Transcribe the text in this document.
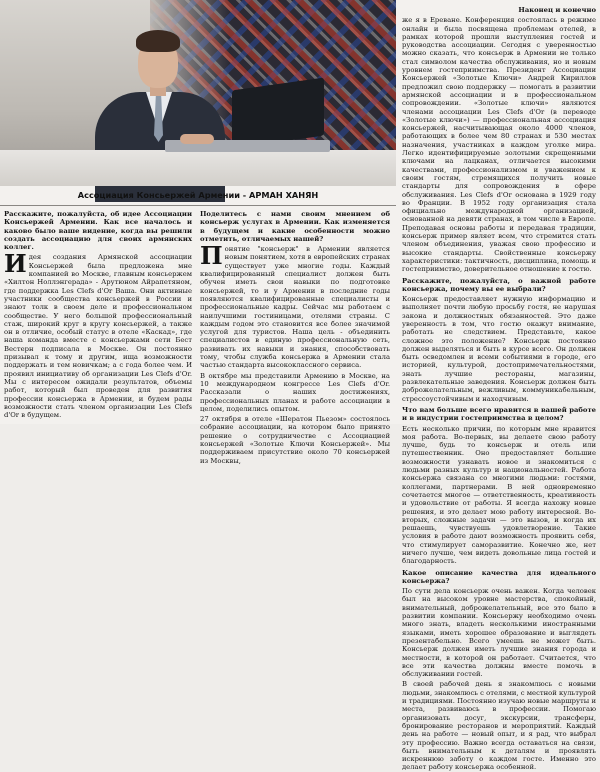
Ассоциация Консьержей Армении - АРМАН ХАНЯН

Расскажите, пожалуйста, об идее Ассоциации Консьержей Армении. Как все началось и каково было ваше видение, когда вы решили создать ассоциацию для своих армянских коллег.

Идея создания Армянской ассоциации Консьержей была предложена мне компанией во Москве, главным консьержем «Хилтон Ноллэнгерада» - Арутюном Айрапетяном, где поддержка Les Clefs d'Or Ваша. Они активные участники сообщества консьержей в России и знают толк в своем деле и профессиональном сообществе. У него большой профессиональный стаж, широкий круг в кругу консьержей, а также он в отличие, особый статус в отеле «Каскад», где наша команда вместе с консьержами сети Бест Вестерн подписала в Москве. Он постоянно призывал к тому и другим, ища возможности поддержать и тем новичкам; а с года более чем. И проявил инициативу об организации Les Clefs d'Or. Мы с интересом ожидали результатов, объемы работ, который был проведен для развития профессии консьержа в Армении, и будем рады возможности стать членом организации Les Clefs d'Or в будущем.

Поделитесь с нами своим мнением об консьерж услугах в Армении. Как изменяется в будущем и какие особенности можно отметить, отличаемых нашей?

Понятие "консьерж" в Армении является новым понятием, хотя в европейских странах существует уже многие годы. Каждый квалифицированный специалист должен быть обучен иметь свои навыки по подготовке консьержей, то и у Армении в последние годы появляются квалифицированные специалисты и профессиональные кадры. Сейчас мы работаем с наилучшими гостиницами, отелями страны. С каждым годом это становится все более значимой услугой для туристов. Наша цель - объединить специалистов в единую профессиональную сеть, развивать их навыки и знания, способствовать тому, чтобы служба консьержа в Армении стала частью стандарта высококлассного сервиса.

В октябре мы представили Армению в Москве, на 10 международном конгрессе Les Clefs d'Or. Рассказали о наших достижениях, профессиональных планах и работе ассоциации в целом, поделились опытом.

27 октября в отеле «Шератон Пьезом» состоялось собрание ассоциации, на котором было принято решение о сотрудничестве с Ассоциацией консьержей «Золотые Ключи Консьержей». Мы поддерживаем присутствие около 70 консьержей из Москвы,

Наконец и конечно

же я в Ереване. Конференция состоялась в режиме онлайн и была посвящена проблемам отелей, в рамках которой прошли выступления гостей и руководства ассоциации. Сегодня с уверенностью можно сказать, что консьерж в Армении не только стал символом качества обслуживания, но и новым уровнем гостеприимства. Президент Ассоциации Консьержей «Золотые Ключи» Андрей Кириллов предложил свою поддержку — помогать в развитии армянской ассоциации и в профессиональном сопровождении. «Золотые ключи» являются членами ассоциации Les Clefs d'Or (в переводе «Золотые ключи») — профессиональная ассоциация консьержей, насчитывающая около 4000 членов, работающих в более чем 80 странах и 530 местах назначения, участниках в каждом уголке мира. Легко идентифицируемые золотыми скрещенными ключами на лацканах, отличается высокими качествами, профессионализмом и уважением к своим гостям, стремящихся получить новые стандарты для сопровождения в сфере обслуживания. Les Clefs d'Or основана в 1929 году во Франции. В 1952 году организация стала официально международной организацией, основанной на девяти странах, в том числе в Европе. Преподавая основы работы и передавая традиции, консьерж пример являет всем, что стремится стать членом объединения, уважая свою профессию и высокие стандарты. Свойственные консьержу характеристики: тактичность, дисциплина, помощь и гостеприимство, доверительное отношение к гостю.

Расскажите, пожалуйста, о важной работе консьержа, почему вы ее выбрали?

Консьерж предоставляет нужную информацию и выполняет почти любую просьбу гостя, не нарушая закона и должностных обязанностей. Это даже уверенность в том, что гостю окажут внимание, работать не следствием. Представьте, какое сложное это положение? Консьерж постоянно должен выделяться и быть в курсе всего. Он должен быть осведомлен и всеми событиями в городе, его историей, культурой, достопримечательностями, знать лучшие рестораны, магазины, развлекательные заведения. Консьерж должен быть доброжелательным, вежливым, коммуникабельным, стрессоустойчивым и находчивым.

Что вам больше всего нравится в вашей работе и в индустрии гостеприимства в целом?

Есть несколько причин, по которым мне нравится моя работа. Во-первых, вы делаете свою работу лучше, будь то консьерж и отель или путешественник. Оно предоставляет большие возможности узнавать новое и знакомиться с людьми разных культур и национальностей. Работа консьержа связана со многими людьми: гостями, коллегами, партнерами. В ней одновременно сочетается многое — ответственность, креативность и удовольствие от работы. Я всегда нахожу новые решения, и это делает мою работу интересной. Во-вторых, сложные задачи — это вызов, и когда их решаешь, чувствуешь удовлетворение. Такие условия в работе дают возможность проявить себя, что стимулирует саморазвитие. Конечно же, нет ничего лучше, чем видеть довольные лица гостей и благодарность.

Какое описание качества для идеального консьержа?

По сути дела консьерж очень важен. Когда человек был на высоком уровне мастерства, спокойный, внимательный, доброжелательный, все это было в развитии компании. Консьержу необходимо очень много знать, владеть несколькими иностранными языками, иметь хорошее образование и выглядеть презентабельно. Всего умеешь не может быть. Консьерж должен иметь лучшие знания города и местности, в которой он работает. Считается, что все эти качества должны вместе помочь в обслуживании гостей.

В своей рабочей день я знакомлюсь с новыми людьми, знакомлюсь с отелями, с местной культурой и традициями. Постоянно изучаю новые маршруты и места, развиваюсь в профессии. Помогаю организовать досуг, экскурсии, трансферы, бронирование ресторанов и мероприятий. Каждый день на работе — новый опыт, и я рад, что выбрал эту профессию. Важно всегда оставаться на связи, быть внимательным к деталям и проявлять искреннюю заботу о каждом госте. Именно это делает работу консьержа особенной.
